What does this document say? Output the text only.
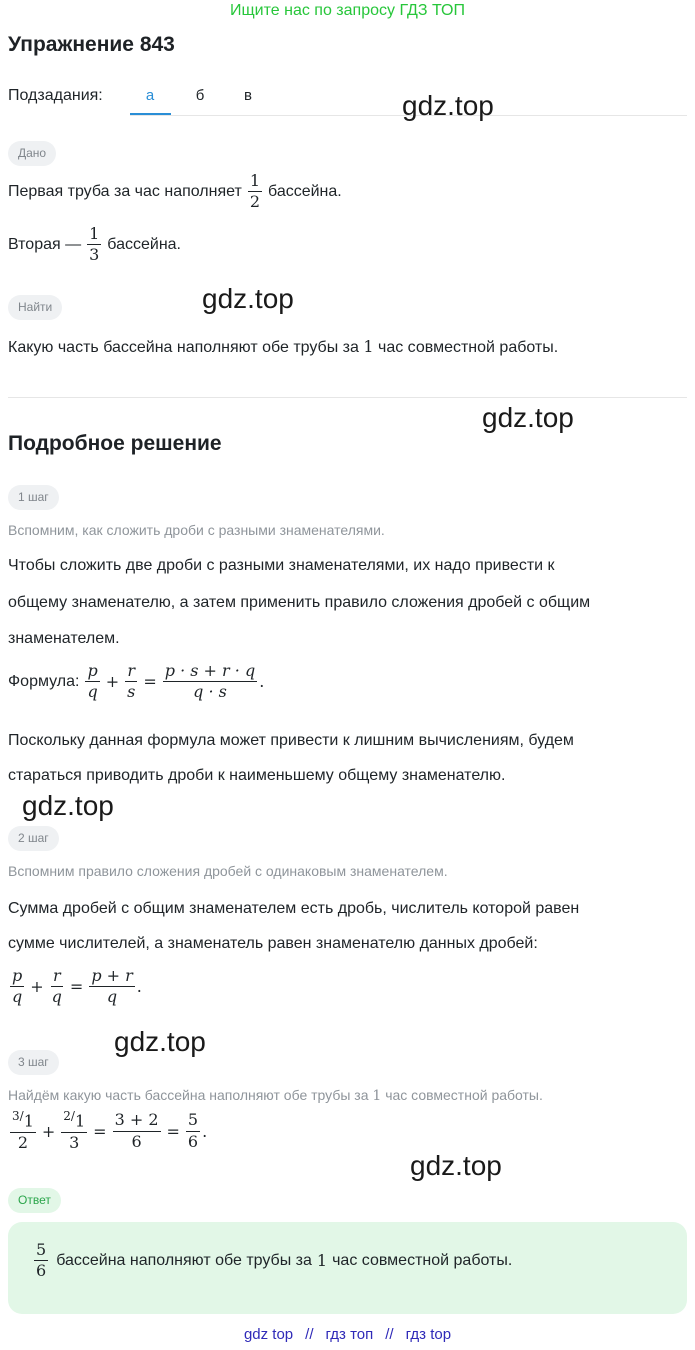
Ищите нас по запросу ГДЗ ТОП
Упражнение 843
Подзадания:	а	б	в	gdz.top
gdz.top
gdz.top
gdz.top
gdz.top
gdz.top
Дано
Первая труба за час наполняет $\frac{1}{2}$ бассейна.
Вторая — $\frac{1}{3}$ бассейна.
Найти
Какую часть бассейна наполняют обе трубы за 1 час совместной работы.
Подробное решение
1 шаг
Вспомним, как сложить дроби с разными знаменателями.
Чтобы сложить две дроби с разными знаменателями, их надо привести к
общему знаменателю, а затем применить правило сложения дробей с общим
знаменателем.
Формула: $\frac{p}{q} + \frac{r}{s} = \frac{p \cdot s + r \cdot q}{q \cdot s}$ .
Поскольку данная формула может привести к лишним вычислениям, будем
стараться приводить дроби к наименьшему общему знаменателю.
2 шаг
Вспомним правило сложения дробей с одинаковым знаменателем.
Сумма дробей с общим знаменателем есть дробь, числитель которой равен
сумме числителей, а знаменатель равен знаменателю данных дробей:
$\frac{p}{q} + \frac{r}{q} = \frac{p + r}{q}$ .
3 шаг
Найдём какую часть бассейна наполняют обе трубы за 1 час совместной работы.
$\frac{^{3/}1}{2} + \frac{^{2/}1}{3} = \frac{3 + 2}{6} = \frac{5}{6}$ .
Ответ
$\frac{5}{6}$ бассейна наполняют обе трубы за 1 час совместной работы.
gdz top // гдз топ // гдз top
